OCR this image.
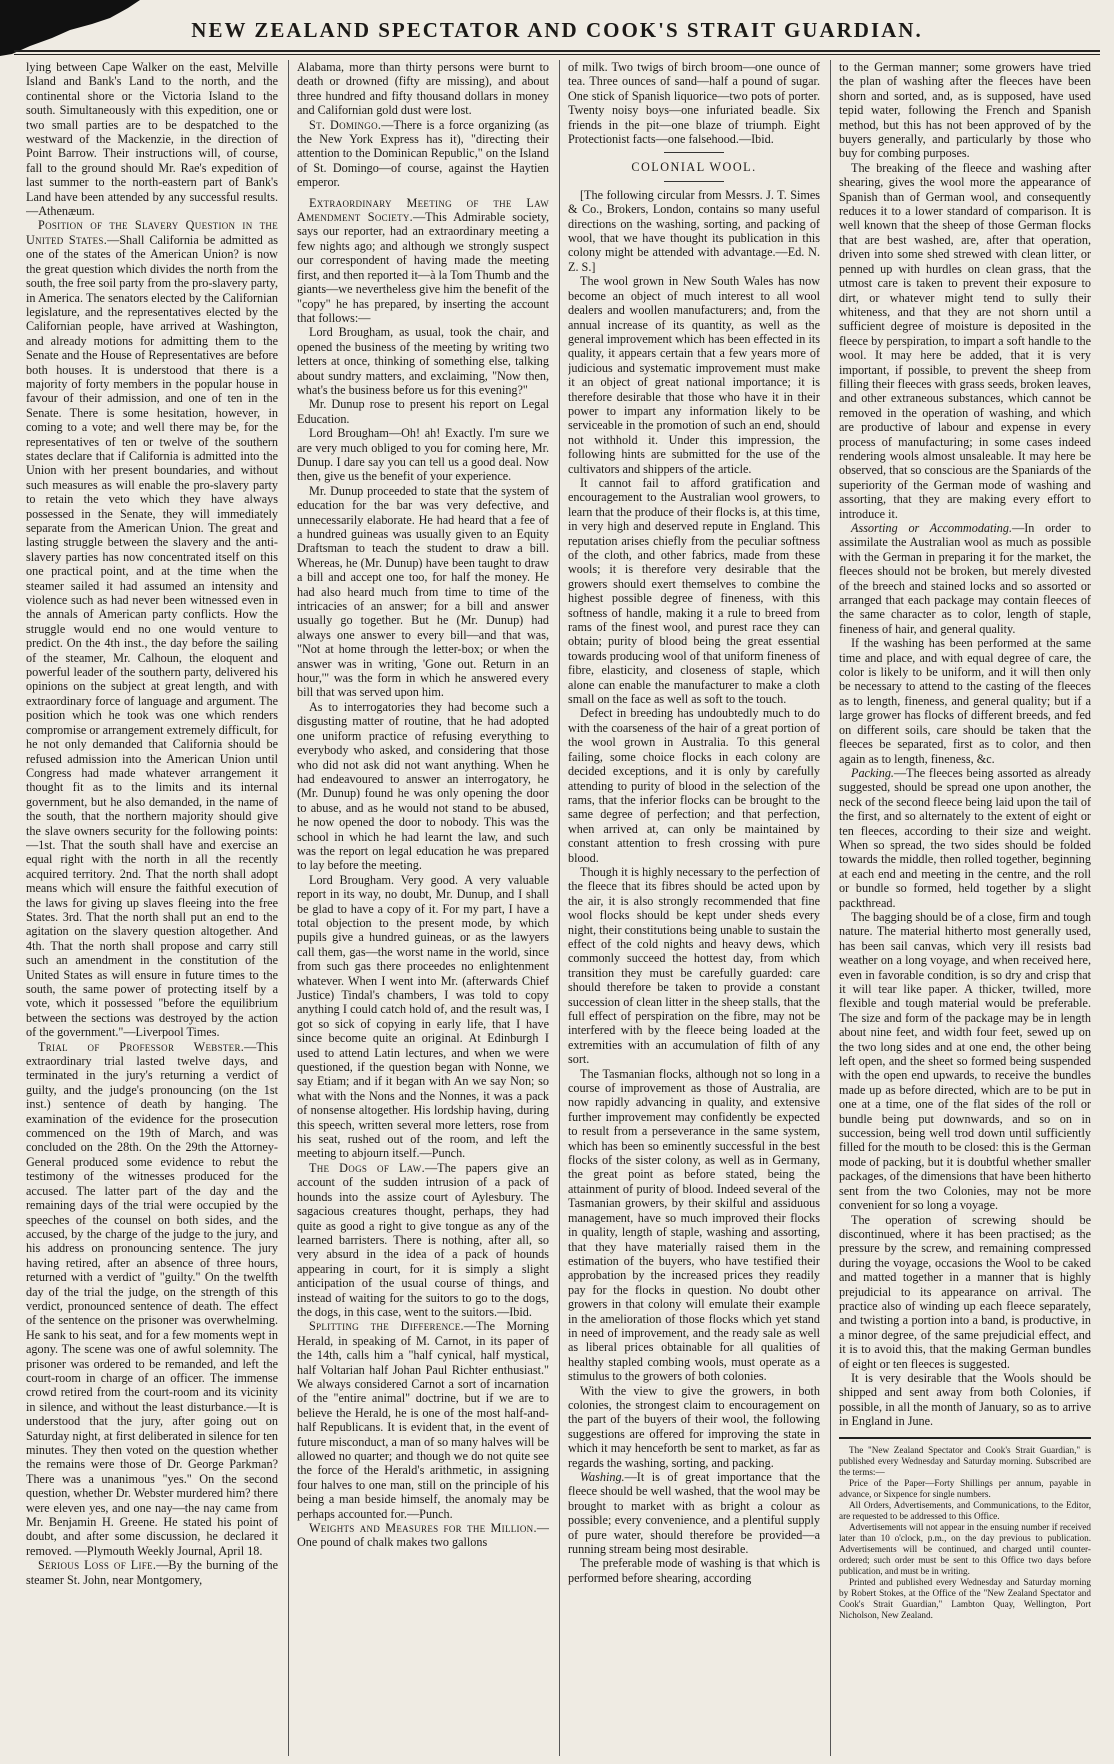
NEW ZEALAND SPECTATOR AND COOK'S STRAIT GUARDIAN.

lying between Cape Walker on the east, Melville Island and Bank's Land to the north, and the continental shore or the Victoria Island to the south. Simultaneously with this expedition, one or two small parties are to be despatched to the westward of the Mackenzie, in the direction of Point Barrow. Their instructions will, of course, fall to the ground should Mr. Rae's expedition of last summer to the north-eastern part of Bank's Land have been attended by any successful results. —Athenæum.

Position of the Slavery Question in the United States.—Shall California be admitted as one of the states of the American Union? is now the great question which divides the north from the south, the free soil party from the pro-slavery party, in America. The senators elected by the Californian legislature, and the representatives elected by the Californian people, have arrived at Washington, and already motions for admitting them to the Senate and the House of Representatives are before both houses. It is understood that there is a majority of forty members in the popular house in favour of their admission, and one of ten in the Senate. There is some hesitation, however, in coming to a vote; and well there may be, for the representatives of ten or twelve of the southern states declare that if California is admitted into the Union with her present boundaries, and without such measures as will enable the pro-slavery party to retain the veto which they have always possessed in the Senate, they will immediately separate from the American Union. The great and lasting struggle between the slavery and the anti-slavery parties has now concentrated itself on this one practical point, and at the time when the steamer sailed it had assumed an intensity and violence such as had never been witnessed even in the annals of American party conflicts. How the struggle would end no one would venture to predict. On the 4th inst., the day before the sailing of the steamer, Mr. Calhoun, the eloquent and powerful leader of the southern party, delivered his opinions on the subject at great length, and with extraordinary force of language and argument. The position which he took was one which renders compromise or arrangement extremely difficult, for he not only demanded that California should be refused admission into the American Union until Congress had made whatever arrangement it thought fit as to the limits and its internal government, but he also demanded, in the name of the south, that the northern majority should give the slave owners security for the following points:—1st. That the south shall have and exercise an equal right with the north in all the recently acquired territory. 2nd. That the north shall adopt means which will ensure the faithful execution of the laws for giving up slaves fleeing into the free States. 3rd. That the north shall put an end to the agitation on the slavery question altogether. And 4th. That the north shall propose and carry still such an amendment in the constitution of the United States as will ensure in future times to the south, the same power of protecting itself by a vote, which it possessed "before the equilibrium between the sections was destroyed by the action of the government."—Liverpool Times.

Trial of Professor Webster.—This extraordinary trial lasted twelve days, and terminated in the jury's returning a verdict of guilty, and the judge's pronouncing (on the 1st inst.) sentence of death by hanging. The examination of the evidence for the prosecution commenced on the 19th of March, and was concluded on the 28th. On the 29th the Attorney-General produced some evidence to rebut the testimony of the witnesses produced for the accused. The latter part of the day and the remaining days of the trial were occupied by the speeches of the counsel on both sides, and the accused, by the charge of the judge to the jury, and his address on pronouncing sentence. The jury having retired, after an absence of three hours, returned with a verdict of "guilty." On the twelfth day of the trial the judge, on the strength of this verdict, pronounced sentence of death. The effect of the sentence on the prisoner was overwhelming. He sank to his seat, and for a few moments wept in agony. The scene was one of awful solemnity. The prisoner was ordered to be remanded, and left the court-room in charge of an officer. The immense crowd retired from the court-room and its vicinity in silence, and without the least disturbance.—It is understood that the jury, after going out on Saturday night, at first deliberated in silence for ten minutes. They then voted on the question whether the remains were those of Dr. George Parkman? There was a unanimous "yes." On the second question, whether Dr. Webster murdered him? there were eleven yes, and one nay—the nay came from Mr. Benjamin H. Greene. He stated his point of doubt, and after some discussion, he declared it removed. —Plymouth Weekly Journal, April 18.

Serious Loss of Life.—By the burning of the steamer St. John, near Montgomery,

Alabama, more than thirty persons were burnt to death or drowned (fifty are missing), and about three hundred and fifty thousand dollars in money and Californian gold dust were lost.

St. Domingo.—There is a force organizing (as the New York Express has it), "directing their attention to the Dominican Republic," on the Island of St. Domingo—of course, against the Haytien emperor.

Extraordinary Meeting of the Law Amendment Society.—This Admirable society, says our reporter, had an extraordinary meeting a few nights ago; and although we strongly suspect our correspondent of having made the meeting first, and then reported it—à la Tom Thumb and the giants—we nevertheless give him the benefit of the "copy" he has prepared, by inserting the account that follows:—

Lord Brougham, as usual, took the chair, and opened the business of the meeting by writing two letters at once, thinking of something else, talking about sundry matters, and exclaiming, "Now then, what's the business before us for this evening?"

Mr. Dunup rose to present his report on Legal Education.

Lord Brougham—Oh! ah! Exactly. I'm sure we are very much obliged to you for coming here, Mr. Dunup. I dare say you can tell us a good deal. Now then, give us the benefit of your experience.

Mr. Dunup proceeded to state that the system of education for the bar was very defective, and unnecessarily elaborate. He had heard that a fee of a hundred guineas was usually given to an Equity Draftsman to teach the student to draw a bill. Whereas, he (Mr. Dunup) have been taught to draw a bill and accept one too, for half the money. He had also heard much from time to time of the intricacies of an answer; for a bill and answer usually go together. But he (Mr. Dunup) had always one answer to every bill—and that was, "Not at home through the letter-box; or when the answer was in writing, 'Gone out. Return in an hour,'" was the form in which he answered every bill that was served upon him.

As to interrogatories they had become such a disgusting matter of routine, that he had adopted one uniform practice of refusing everything to everybody who asked, and considering that those who did not ask did not want anything. When he had endeavoured to answer an interrogatory, he (Mr. Dunup) found he was only opening the door to abuse, and as he would not stand to be abused, he now opened the door to nobody. This was the school in which he had learnt the law, and such was the report on legal education he was prepared to lay before the meeting.

Lord Brougham. Very good. A very valuable report in its way, no doubt, Mr. Dunup, and I shall be glad to have a copy of it. For my part, I have a total objection to the present mode, by which pupils give a hundred guineas, or as the lawyers call them, gas—the worst name in the world, since from such gas there proceedes no enlightenment whatever. When I went into Mr. (afterwards Chief Justice) Tindal's chambers, I was told to copy anything I could catch hold of, and the result was, I got so sick of copying in early life, that I have since become quite an original. At Edinburgh I used to attend Latin lectures, and when we were questioned, if the question began with Nonne, we say Etiam; and if it began with An we say Non; so what with the Nons and the Nonnes, it was a pack of nonsense altogether. His lordship having, during this speech, written several more letters, rose from his seat, rushed out of the room, and left the meeting to abjourn itself.—Punch.

The Dogs of Law.—The papers give an account of the sudden intrusion of a pack of hounds into the assize court of Aylesbury. The sagacious creatures thought, perhaps, they had quite as good a right to give tongue as any of the learned barristers. There is nothing, after all, so very absurd in the idea of a pack of hounds appearing in court, for it is simply a slight anticipation of the usual course of things, and instead of waiting for the suitors to go to the dogs, the dogs, in this case, went to the suitors.—Ibid.

Splitting the Difference.—The Morning Herald, in speaking of M. Carnot, in its paper of the 14th, calls him a "half cynical, half mystical, half Voltarian half Johan Paul Richter enthusiast." We always considered Carnot a sort of incarnation of the "entire animal" doctrine, but if we are to believe the Herald, he is one of the most half-and-half Republicans. It is evident that, in the event of future misconduct, a man of so many halves will be allowed no quarter; and though we do not quite see the force of the Herald's arithmetic, in assigning four halves to one man, still on the principle of his being a man beside himself, the anomaly may be perhaps accounted for.—Punch.

Weights and Measures for the Million.—One pound of chalk makes two gallons

of milk. Two twigs of birch broom—one ounce of tea. Three ounces of sand—half a pound of sugar. One stick of Spanish liquorice—two pots of porter. Twenty noisy boys—one infuriated beadle. Six friends in the pit—one blaze of triumph. Eight Protectionist facts—one falsehood.—Ibid.

COLONIAL WOOL.

[The following circular from Messrs. J. T. Simes & Co., Brokers, London, contains so many useful directions on the washing, sorting, and packing of wool, that we have thought its publication in this colony might be attended with advantage.—Ed. N. Z. S.]

The wool grown in New South Wales has now become an object of much interest to all wool dealers and woollen manufacturers; and, from the annual increase of its quantity, as well as the general improvement which has been effected in its quality, it appears certain that a few years more of judicious and systematic improvement must make it an object of great national importance; it is therefore desirable that those who have it in their power to impart any information likely to be serviceable in the promotion of such an end, should not withhold it. Under this impression, the following hints are submitted for the use of the cultivators and shippers of the article.

It cannot fail to afford gratification and encouragement to the Australian wool growers, to learn that the produce of their flocks is, at this time, in very high and deserved repute in England. This reputation arises chiefly from the peculiar softness of the cloth, and other fabrics, made from these wools; it is therefore very desirable that the growers should exert themselves to combine the highest possible degree of fineness, with this softness of handle, making it a rule to breed from rams of the finest wool, and purest race they can obtain; purity of blood being the great essential towards producing wool of that uniform fineness of fibre, elasticity, and closeness of staple, which alone can enable the manufacturer to make a cloth small on the face as well as soft to the touch.

Defect in breeding has undoubtedly much to do with the coarseness of the hair of a great portion of the wool grown in Australia. To this general failing, some choice flocks in each colony are decided exceptions, and it is only by carefully attending to purity of blood in the selection of the rams, that the inferior flocks can be brought to the same degree of perfection; and that perfection, when arrived at, can only be maintained by constant attention to fresh crossing with pure blood.

Though it is highly necessary to the perfection of the fleece that its fibres should be acted upon by the air, it is also strongly recommended that fine wool flocks should be kept under sheds every night, their constitutions being unable to sustain the effect of the cold nights and heavy dews, which commonly succeed the hottest day, from which transition they must be carefully guarded: care should therefore be taken to provide a constant succession of clean litter in the sheep stalls, that the full effect of perspiration on the fibre, may not be interfered with by the fleece being loaded at the extremities with an accumulation of filth of any sort.

The Tasmanian flocks, although not so long in a course of improvement as those of Australia, are now rapidly advancing in quality, and extensive further improvement may confidently be expected to result from a perseverance in the same system, which has been so eminently successful in the best flocks of the sister colony, as well as in Germany, the great point as before stated, being the attainment of purity of blood. Indeed several of the Tasmanian growers, by their skilful and assiduous management, have so much improved their flocks in quality, length of staple, washing and assorting, that they have materially raised them in the estimation of the buyers, who have testified their approbation by the increased prices they readily pay for the flocks in question. No doubt other growers in that colony will emulate their example in the amelioration of those flocks which yet stand in need of improvement, and the ready sale as well as liberal prices obtainable for all qualities of healthy stapled combing wools, must operate as a stimulus to the growers of both colonies.

With the view to give the growers, in both colonies, the strongest claim to encouragement on the part of the buyers of their wool, the following suggestions are offered for improving the state in which it may henceforth be sent to market, as far as regards the washing, sorting, and packing.

Washing.—It is of great importance that the fleece should be well washed, that the wool may be brought to market with as bright a colour as possible; every convenience, and a plentiful supply of pure water, should therefore be provided—a running stream being most desirable.

The preferable mode of washing is that which is performed before shearing, according

to the German manner; some growers have tried the plan of washing after the fleeces have been shorn and sorted, and, as is supposed, have used tepid water, following the French and Spanish method, but this has not been approved of by the buyers generally, and particularly by those who buy for combing purposes.

The breaking of the fleece and washing after shearing, gives the wool more the appearance of Spanish than of German wool, and consequently reduces it to a lower standard of comparison. It is well known that the sheep of those German flocks that are best washed, are, after that operation, driven into some shed strewed with clean litter, or penned up with hurdles on clean grass, that the utmost care is taken to prevent their exposure to dirt, or whatever might tend to sully their whiteness, and that they are not shorn until a sufficient degree of moisture is deposited in the fleece by perspiration, to impart a soft handle to the wool. It may here be added, that it is very important, if possible, to prevent the sheep from filling their fleeces with grass seeds, broken leaves, and other extraneous substances, which cannot be removed in the operation of washing, and which are productive of labour and expense in every process of manufacturing; in some cases indeed rendering wools almost unsaleable. It may here be observed, that so conscious are the Spaniards of the superiority of the German mode of washing and assorting, that they are making every effort to introduce it.

Assorting or Accommodating.—In order to assimilate the Australian wool as much as possible with the German in preparing it for the market, the fleeces should not be broken, but merely divested of the breech and stained locks and so assorted or arranged that each package may contain fleeces of the same character as to color, length of staple, fineness of hair, and general quality.

If the washing has been performed at the same time and place, and with equal degree of care, the color is likely to be uniform, and it will then only be necessary to attend to the casting of the fleeces as to length, fineness, and general quality; but if a large grower has flocks of different breeds, and fed on different soils, care should be taken that the fleeces be separated, first as to color, and then again as to length, fineness, &c.

Packing.—The fleeces being assorted as already suggested, should be spread one upon another, the neck of the second fleece being laid upon the tail of the first, and so alternately to the extent of eight or ten fleeces, according to their size and weight. When so spread, the two sides should be folded towards the middle, then rolled together, beginning at each end and meeting in the centre, and the roll or bundle so formed, held together by a slight packthread.

The bagging should be of a close, firm and tough nature. The material hitherto most generally used, has been sail canvas, which very ill resists bad weather on a long voyage, and when received here, even in favorable condition, is so dry and crisp that it will tear like paper. A thicker, twilled, more flexible and tough material would be preferable. The size and form of the package may be in length about nine feet, and width four feet, sewed up on the two long sides and at one end, the other being left open, and the sheet so formed being suspended with the open end upwards, to receive the bundles made up as before directed, which are to be put in one at a time, one of the flat sides of the roll or bundle being put downwards, and so on in succession, being well trod down until sufficiently filled for the mouth to be closed: this is the German mode of packing, but it is doubtful whether smaller packages, of the dimensions that have been hitherto sent from the two Colonies, may not be more convenient for so long a voyage.

The operation of screwing should be discontinued, where it has been practised; as the pressure by the screw, and remaining compressed during the voyage, occasions the Wool to be caked and matted together in a manner that is highly prejudicial to its appearance on arrival. The practice also of winding up each fleece separately, and twisting a portion into a band, is productive, in a minor degree, of the same prejudicial effect, and it is to avoid this, that the making German bundles of eight or ten fleeces is suggested.

It is very desirable that the Wools should be shipped and sent away from both Colonies, if possible, in all the month of January, so as to arrive in England in June.

The "New Zealand Spectator and Cook's Strait Guardian," is published every Wednesday and Saturday morning. Subscribed are the terms:—

Price of the Paper—Forty Shillings per annum, payable in advance, or Sixpence for single numbers.

All Orders, Advertisements, and Communications, to the Editor, are requested to be addressed to this Office.

Advertisements will not appear in the ensuing number if received later than 10 o'clock, p.m., on the day previous to publication. Advertisements will be continued, and charged until counter-ordered; such order must be sent to this Office two days before publication, and must be in writing.

Printed and published every Wednesday and Saturday morning by Robert Stokes, at the Office of the "New Zealand Spectator and Cook's Strait Guardian," Lambton Quay, Wellington, Port Nicholson, New Zealand.
